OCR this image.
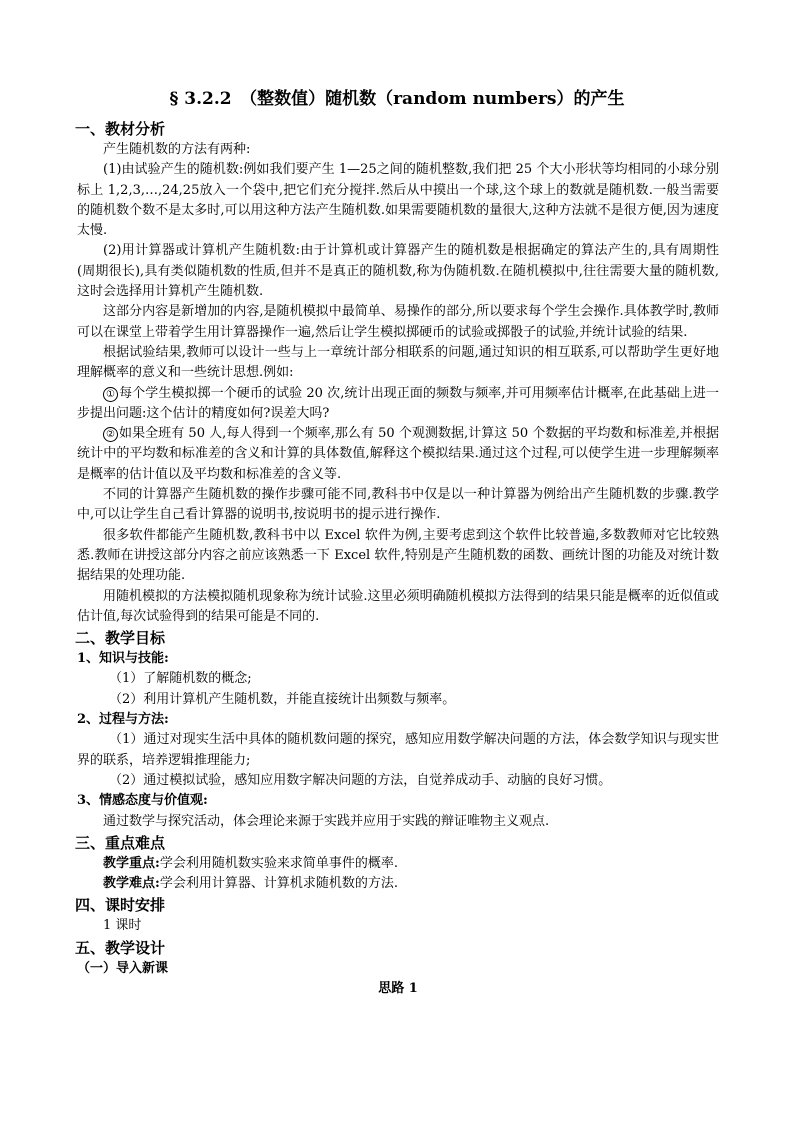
§ 3.2.2　（整数值）随机数（random numbers）的产生

一、教材分析

产生随机数的方法有两种:

(1)由试验产生的随机数:例如我们要产生 1—25之间的随机整数,我们把 25 个大小形状等均相同的小球分别标上 1,2,3,…,24,25放入一个袋中,把它们充分搅拌.然后从中摸出一个球,这个球上的数就是随机数.一般当需要的随机数个数不是太多时,可以用这种方法产生随机数.如果需要随机数的量很大,这种方法就不是很方便,因为速度太慢.

(2)用计算器或计算机产生随机数:由于计算机或计算器产生的随机数是根据确定的算法产生的,具有周期性(周期很长),具有类似随机数的性质,但并不是真正的随机数,称为伪随机数.在随机模拟中,往往需要大量的随机数,这时会选择用计算机产生随机数.

这部分内容是新增加的内容,是随机模拟中最简单、易操作的部分,所以要求每个学生会操作.具体教学时,教师可以在课堂上带着学生用计算器操作一遍,然后让学生模拟掷硬币的试验或掷骰子的试验,并统计试验的结果.

根据试验结果,教师可以设计一些与上一章统计部分相联系的问题,通过知识的相互联系,可以帮助学生更好地理解概率的意义和一些统计思想.例如:

① 每个学生模拟掷一个硬币的试验 20 次,统计出现正面的频数与频率,并可用频率估计概率,在此基础上进一步提出问题:这个估计的精度如何?误差大吗?

② 如果全班有 50 人,每人得到一个频率,那么有 50 个观测数据,计算这 50 个数据的平均数和标准差,并根据统计中的平均数和标准差的含义和计算的具体数值,解释这个模拟结果.通过这个过程,可以使学生进一步理解频率是概率的估计值以及平均数和标准差的含义等.

不同的计算器产生随机数的操作步骤可能不同,教科书中仅是以一种计算器为例给出产生随机数的步骤.教学中,可以让学生自己看计算器的说明书,按说明书的提示进行操作.

很多软件都能产生随机数,教科书中以 Excel 软件为例,主要考虑到这个软件比较普遍,多数教师对它比较熟悉.教师在讲授这部分内容之前应该熟悉一下 Excel 软件,特别是产生随机数的函数、画统计图的功能及对统计数据结果的处理功能.

用随机模拟的方法模拟随机现象称为统计试验.这里必须明确随机模拟方法得到的结果只能是概率的近似值或估计值,每次试验得到的结果可能是不同的.

二、教学目标

1、知识与技能:

（1）了解随机数的概念;

（2）利用计算机产生随机数，并能直接统计出频数与频率。

2、过程与方法:

（1）通过对现实生活中具体的随机数问题的探究，感知应用数学解决问题的方法，体会数学知识与现实世界的联系，培养逻辑推理能力;

（2）通过模拟试验，感知应用数字解决问题的方法，自觉养成动手、动脑的良好习惯。

3、情感态度与价值观:

通过数学与探究活动，体会理论来源于实践并应用于实践的辩证唯物主义观点.

三、重点难点

教学重点:学会利用随机数实验来求简单事件的概率.

教学难点:学会利用计算器、计算机求随机数的方法.

四、课时安排

1 课时

五、教学设计

（一）导入新课

思路 1
